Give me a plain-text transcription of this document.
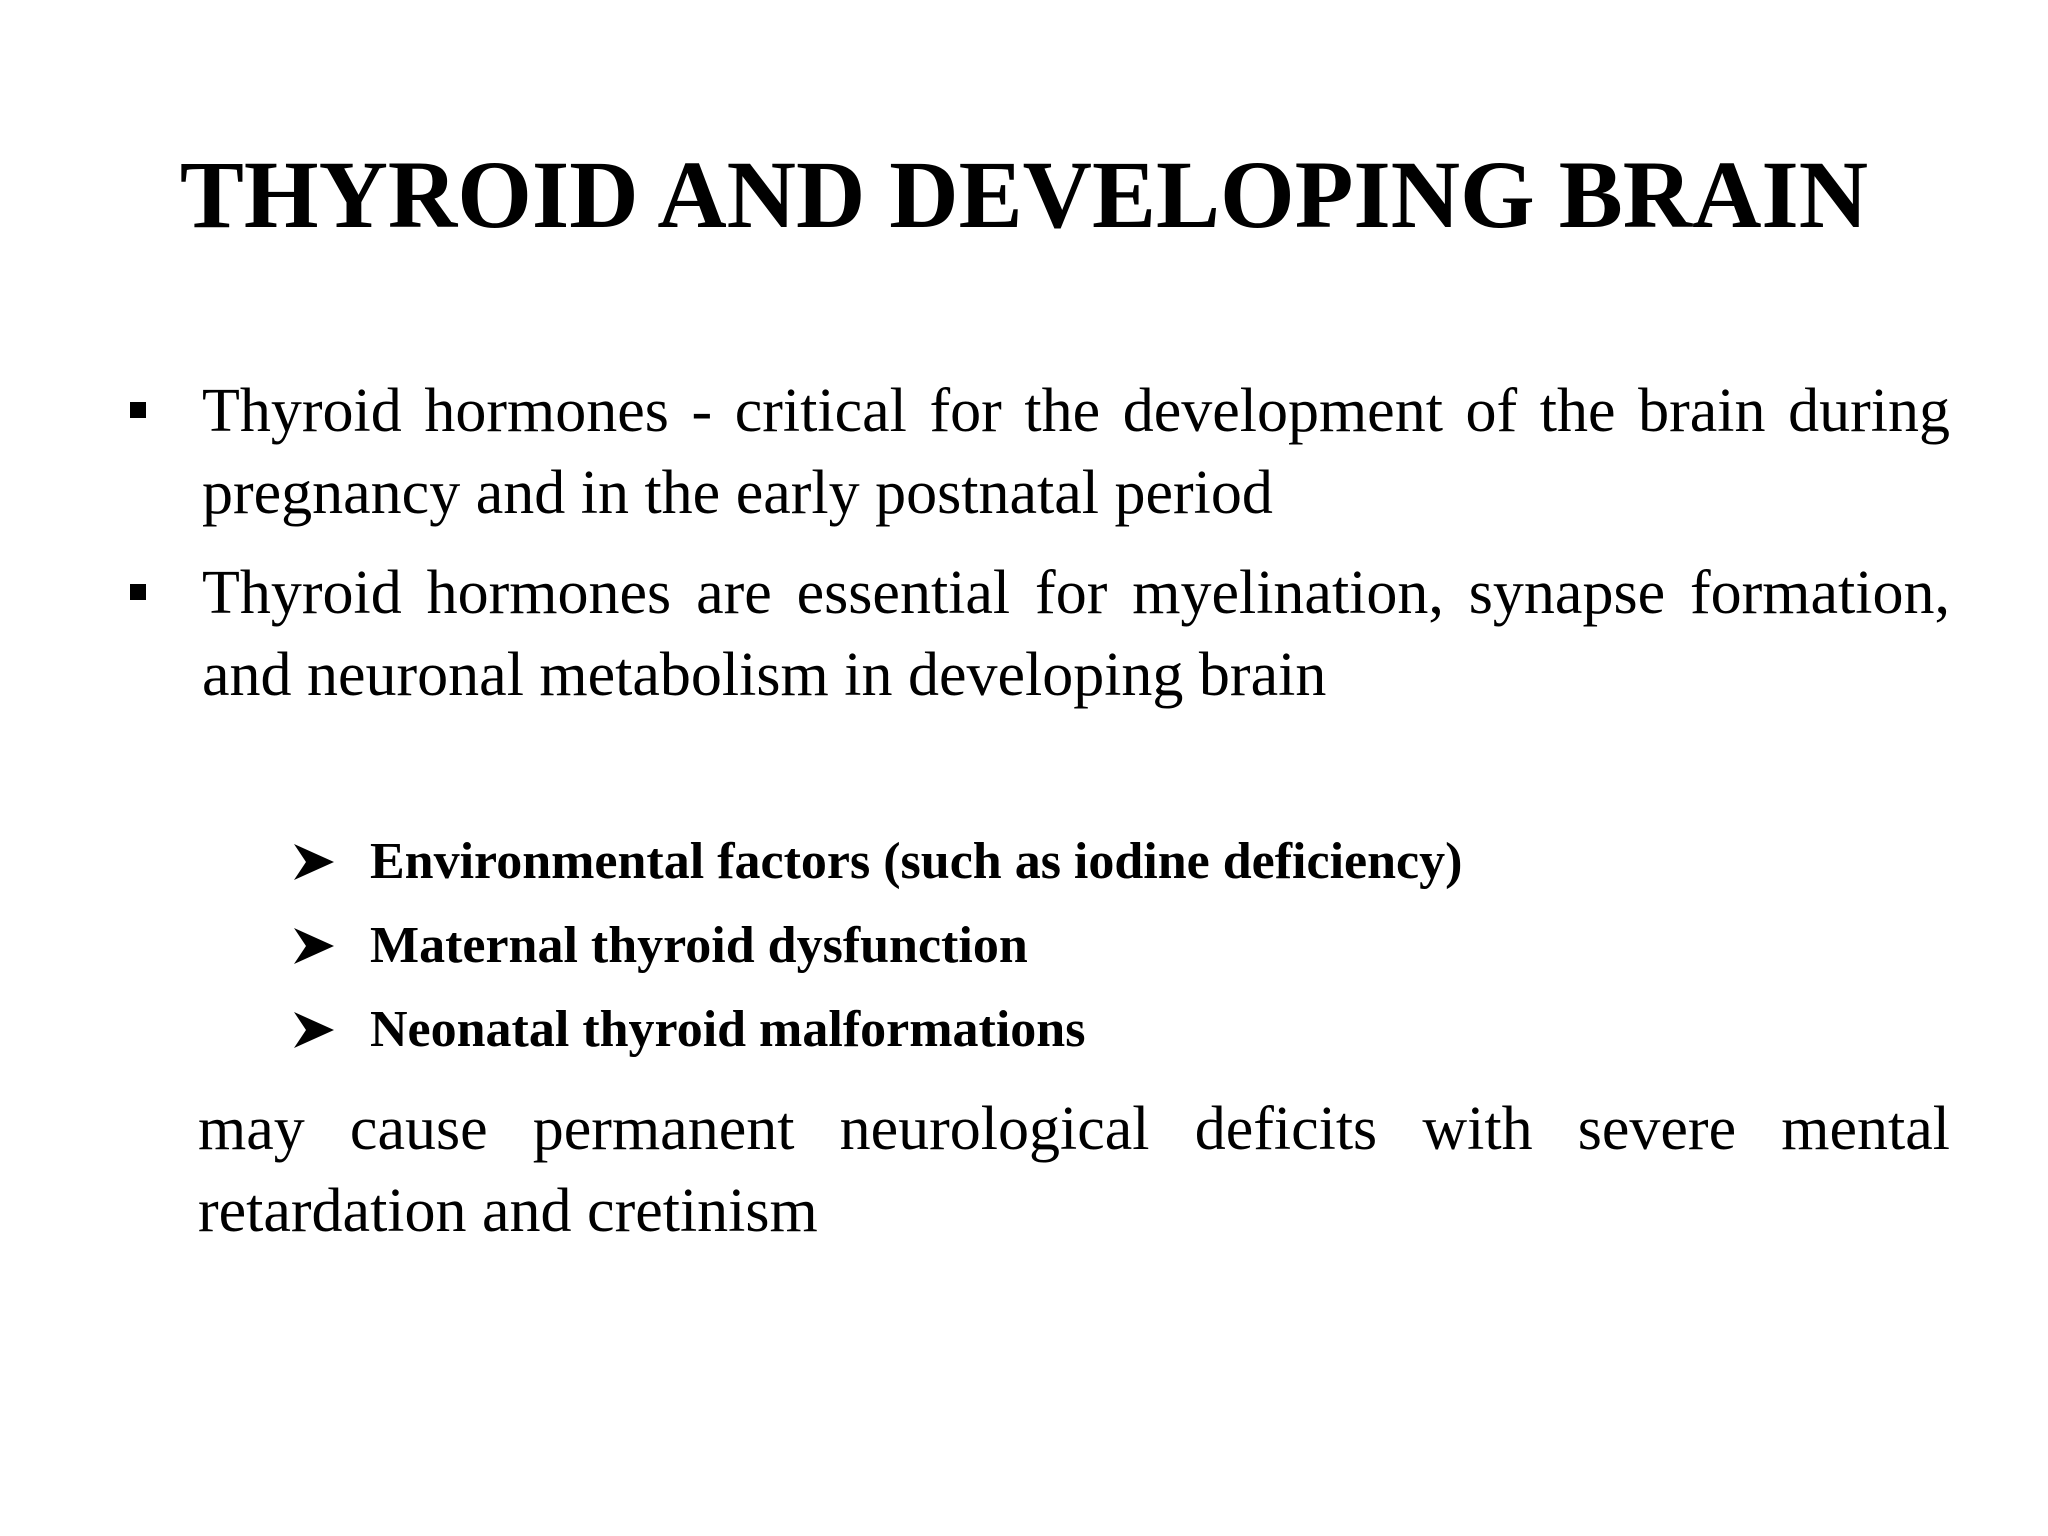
THYROID AND DEVELOPING BRAIN
Thyroid hormones - critical for the development of the brain during pregnancy and in the early postnatal period
Thyroid hormones are essential for myelination, synapse formation, and neuronal metabolism in developing brain
Environmental factors (such as iodine deficiency)
Maternal thyroid dysfunction
Neonatal thyroid malformations

may cause permanent neurological deficits with severe mental retardation and cretinism
